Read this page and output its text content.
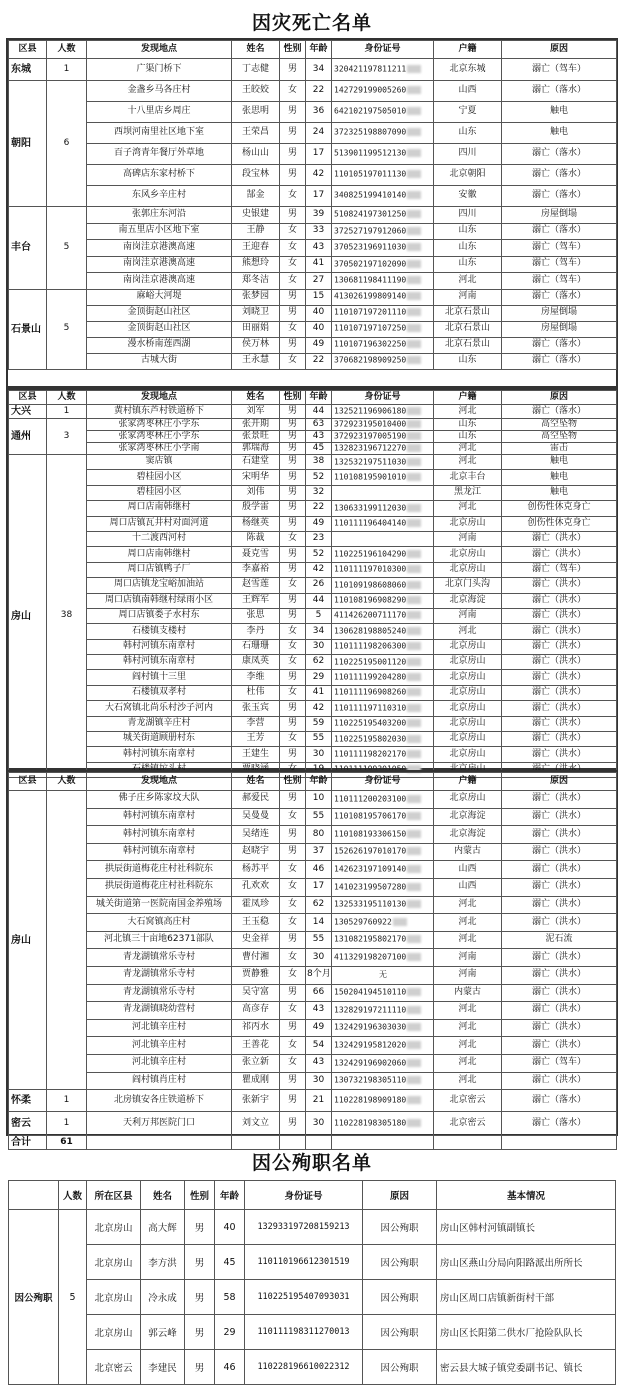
因灾死亡名单
区县	人数	发现地点	姓名	性别	年龄	身份证号	户籍	原因
东城	1	广渠门桥下	丁志健	男	34	320421197811211	北京东城	溺亡（驾车）
朝阳	6	金盏乡马各庄村	王皎姣	女	22	142729199005260	山西	溺亡（落水）
		十八里店乡周庄	张思明	男	36	642102197505010	宁夏	触电
		西坝河南里社区地下室	王荣昌	男	24	372325198807090	山东	触电
		百子湾青年餐厅外草地	杨山山	男	17	513901199512130	四川	溺亡（落水）
		高碑店东家村桥下	段宝林	男	42	110105197011130	北京朝阳	溺亡（落水）
		东风乡辛庄村	郜金	女	17	340825199410140	安徽	溺亡（落水）
丰台	5	张郭庄东河沿	史银建	男	39	510824197301250	四川	房屋倒塌
		南五里店小区地下室	王静	女	33	372527197912060	山东	溺亡（落水）
		南岗洼京港澳高速	王迎春	女	43	370523196911030	山东	溺亡（驾车）
		南岗洼京港澳高速	熊想玲	女	41	370502197102090	山东	溺亡（驾车）
		南岗洼京港澳高速	郑冬洁	女	27	130681198411190	河北	溺亡（驾车）
石景山	5	麻峪大河堤	张梦园	男	15	413026199809140	河南	溺亡（落水）
		金顶街赵山社区	刘晓卫	男	40	110107197201110	北京石景山	房屋倒塌
		金顶街赵山社区	田丽娟	女	40	110107197107250	北京石景山	房屋倒塌
		漫水桥南莲西湖	侯万林	男	49	110107196302250	北京石景山	溺亡（落水）
		古城大街	王永慧	女	22	370682198909250	山东	溺亡（落水）
区县	人数	发现地点	姓名	性别	年龄	身份证号	户籍	原因
大兴	1	黄村镇东芦村铁道桥下	刘军	男	44	132521196906180	河北	溺亡（落水）
通州	3	张家湾枣林庄小学东	张开期	男	63	372923195010400	山东	高空坠物
		张家湾枣林庄小学东	张景旺	男	43	372923197005190	山东	高空坠物
		张家湾枣林庄小学南	郭瑞海	男	45	132823196712270	河北	雷击
房山	38	窦店镇	石建堂	男	38	132532197511030	河北	触电
		碧桂园小区	宋明华	男	52	110108195901010	北京丰台	触电
		碧桂园小区	刘伟	男	32		黑龙江	触电
		周口店南韩继村	殷学雷	男	22	130633199112030	河北	创伤性休克身亡
		周口店镇瓦井村对面河道	杨继英	男	49	110111196404140	北京房山	创伤性休克身亡
		十二渡西河村	陈裁	女	23		河南	溺亡（洪水）
		周口店南韩继村	聂克雪	男	52	110225196104290	北京房山	溺亡（洪水）
		周口店镇鸭子厂	李嘉裕	男	42	110111197010300	北京房山	溺亡（驾车）
		周口店镇龙宝峪加油站	赵雪莲	女	26	110109198608060	北京门头沟	溺亡（洪水）
		周口店镇南韩继村绿雨小区	王辉军	男	44	110108196908290	北京海淀	溺亡（洪水）
		周口店镇娄子水村东	张思	男	5	411426200711170	河南	溺亡（洪水）
		石楼镇支楼村	李丹	女	34	130628198805240	河北	溺亡（洪水）
		韩村河镇东南章村	石珊珊	女	30	110111198206300	北京房山	溺亡（洪水）
		韩村河镇东南章村	康凤英	女	62	110225195001120	北京房山	溺亡（洪水）
		阎村镇十三里	李维	男	29	110111199204280	北京房山	溺亡（洪水）
		石楼镇双孝村	杜伟	女	41	110111196908260	北京房山	溺亡（洪水）
		大石窝镇北尚乐村沙子河内	张玉宾	男	42	110111197110310	北京房山	溺亡（洪水）
		青龙湖镇辛庄村	李营	男	59	110225195403200	北京房山	溺亡（洪水）
		城关街道顾册村东	王芳	女	55	110225195802030	北京房山	溺亡（洪水）
		韩村河镇东南章村	王建生	男	30	110111198202170	北京房山	溺亡（洪水）
		石楼镇坨头村	贾晓涵	女	19	110111199301050	北京房山	溺亡（洪水）
区县	人数	发现地点	姓名	性别	年龄	身份证号	户籍	原因
房山		佛子庄乡陈家坟大队	郝爱民	男	10	110111200203100	北京房山	溺亡（洪水）
		韩村河镇东南章村	吴曼曼	女	55	110108195706170	北京海淀	溺亡（洪水）
		韩村河镇东南章村	吴绪连	男	80	110108193306150	北京海淀	溺亡（洪水）
		韩村河镇东南章村	赵晓宇	男	37	152626197010170	内蒙古	溺亡（洪水）
		拱辰街道梅花庄村社科院东	杨苏平	女	46	142623197109140	山西	溺亡（洪水）
		拱辰街道梅花庄村社科院东	孔欢欢	女	17	141023199507280	山西	溺亡（洪水）
		城关街道第一医院南国金养殖场	霍凤珍	女	62	132533195110130	河北	溺亡（洪水）
		大石窝镇高庄村	王玉稳	女	14	130529760922	河北	溺亡（洪水）
		河北镇三十亩地62371部队	史金祥	男	55	131082195802170	河北	泥石流
		青龙湖镇常乐寺村	曹付湘	女	30	411329198207100	河南	溺亡（洪水）
		青龙湖镇常乐寺村	贾静雅	女	8个月	无	河南	溺亡（洪水）
		青龙湖镇常乐寺村	吴守富	男	66	150204194510110	内蒙古	溺亡（洪水）
		青龙湖镇晓幼营村	高彦存	女	43	132829197211110	河北	溺亡（洪水）
		河北镇辛庄村	祁丙水	男	49	132429196303030	河北	溺亡（洪水）
		河北镇辛庄村	王善花	女	54	132429195812020	河北	溺亡（洪水）
		河北镇辛庄村	张立新	女	43	132429196902060	河北	溺亡（驾车）
		阎村镇肖庄村	瞿成刚	男	30	130732198305110	河北	溺亡（洪水）
怀柔	1	北房镇安各庄铁道桥下	张新宇	男	21	110228198909180	北京密云	溺亡（落水）
密云	1	天利万邦医院门口	刘文立	男	30	110228198305180	北京密云	溺亡（落水）
合计	61							
因公殉职名单
	人数	所在区县	姓名	性别	年龄	身份证号	原因	基本情况
因公殉职	5	北京房山	高大辉	男	40	132933197208159213	因公殉职	房山区韩村河镇副镇长
		北京房山	李方洪	男	45	110110196612301519	因公殉职	房山区燕山分局向阳路派出所所长
		北京房山	冷永成	男	58	110225195407093031	因公殉职	房山区周口店镇新街村干部
		北京房山	郭云峰	男	29	110111198311270013	因公殉职	房山区长阳第二供水厂抢险队队长
		北京密云	李建民	男	46	110228196610022312	因公殉职	密云县大城子镇党委副书记、镇长
